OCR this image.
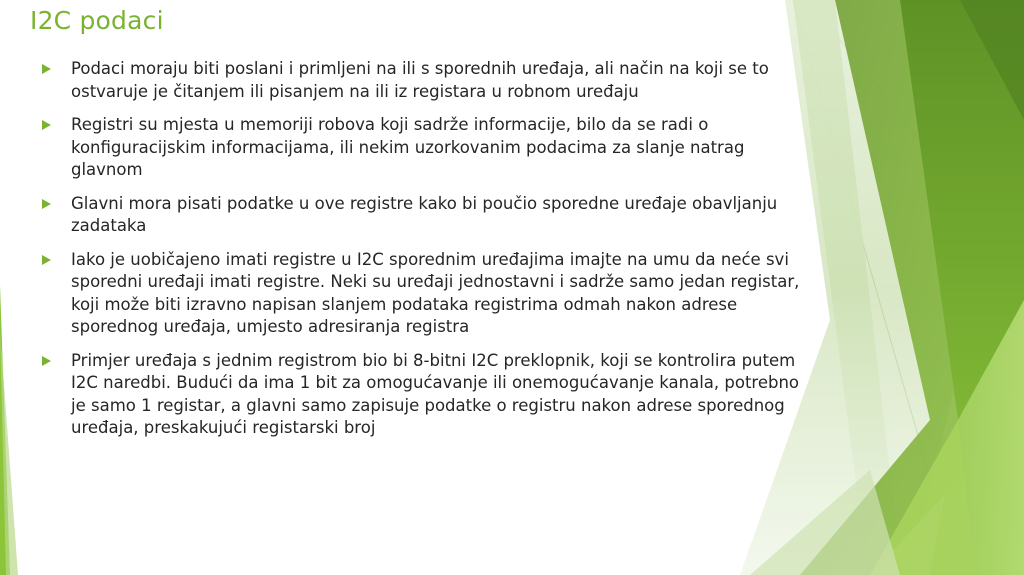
I2C podaci
Podaci moraju biti poslani i primljeni na ili s sporednih uređaja, ali način na koji se to ostvaruje je čitanjem ili pisanjem na ili iz registara u robnom uređaju
Registri su mjesta u memoriji robova koji sadrže informacije, bilo da se radi o konfiguracijskim informacijama, ili nekim uzorkovanim podacima za slanje natrag glavnom
Glavni mora pisati podatke u ove registre kako bi poučio sporedne uređaje obavljanju zadataka
Iako je uobičajeno imati registre u I2C sporednim uređajima imajte na umu da neće svi sporedni uređaji imati registre. Neki su uređaji jednostavni i sadrže samo jedan registar, koji može biti izravno napisan slanjem podataka registrima odmah nakon adrese sporednog uređaja, umjesto adresiranja registra
Primjer uređaja s jednim registrom bio bi 8-bitni I2C preklopnik, koji se kontrolira putem I2C naredbi. Budući da ima 1 bit za omogućavanje ili onemogućavanje kanala, potrebno je samo 1 registar, a glavni samo zapisuje podatke o registru nakon adrese sporednog uređaja, preskakujući registarski broj
